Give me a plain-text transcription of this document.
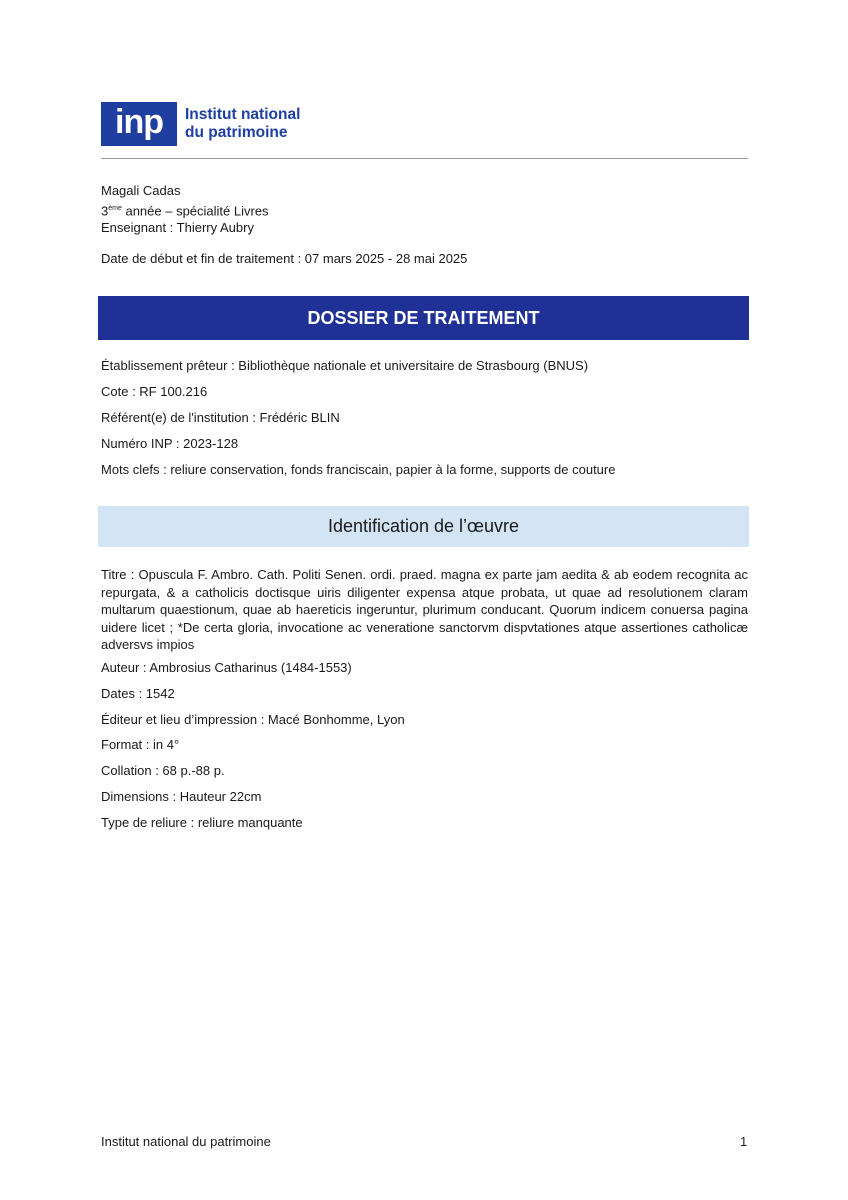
inp	Institut national
du patrimoine
Magali Cadas
3ème année – spécialité Livres
Enseignant : Thierry Aubry
Date de début et fin de traitement : 07 mars 2025 - 28 mai 2025
DOSSIER DE TRAITEMENT
Établissement prêteur : Bibliothèque nationale et universitaire de Strasbourg (BNUS)
Cote : RF 100.216
Référent(e) de l'institution : Frédéric BLIN
Numéro INP : 2023-128
Mots clefs : reliure conservation, fonds franciscain, papier à la forme, supports de couture
Identification de l’œuvre
Titre : Opuscula F. Ambro. Cath. Politi Senen. ordi. praed. magna ex parte jam aedita & ab eodem recognita ac repurgata, & a catholicis doctisque uiris diligenter expensa atque probata, ut quae ad resolutionem claram multarum quaestionum, quae ab haereticis ingeruntur, plurimum conducant. Quorum indicem conuersa pagina uidere licet ; *De certa gloria, invocatione ac veneratione sanctorvm dispvtationes atque assertiones catholicæ adversvs impios
Auteur : Ambrosius Catharinus (1484-1553)
Dates : 1542
Éditeur et lieu d’impression : Macé Bonhomme, Lyon
Format : in 4°
Collation : 68 p.-88 p.
Dimensions : Hauteur 22cm
Type de reliure : reliure manquante
Institut national du patrimoine	1
